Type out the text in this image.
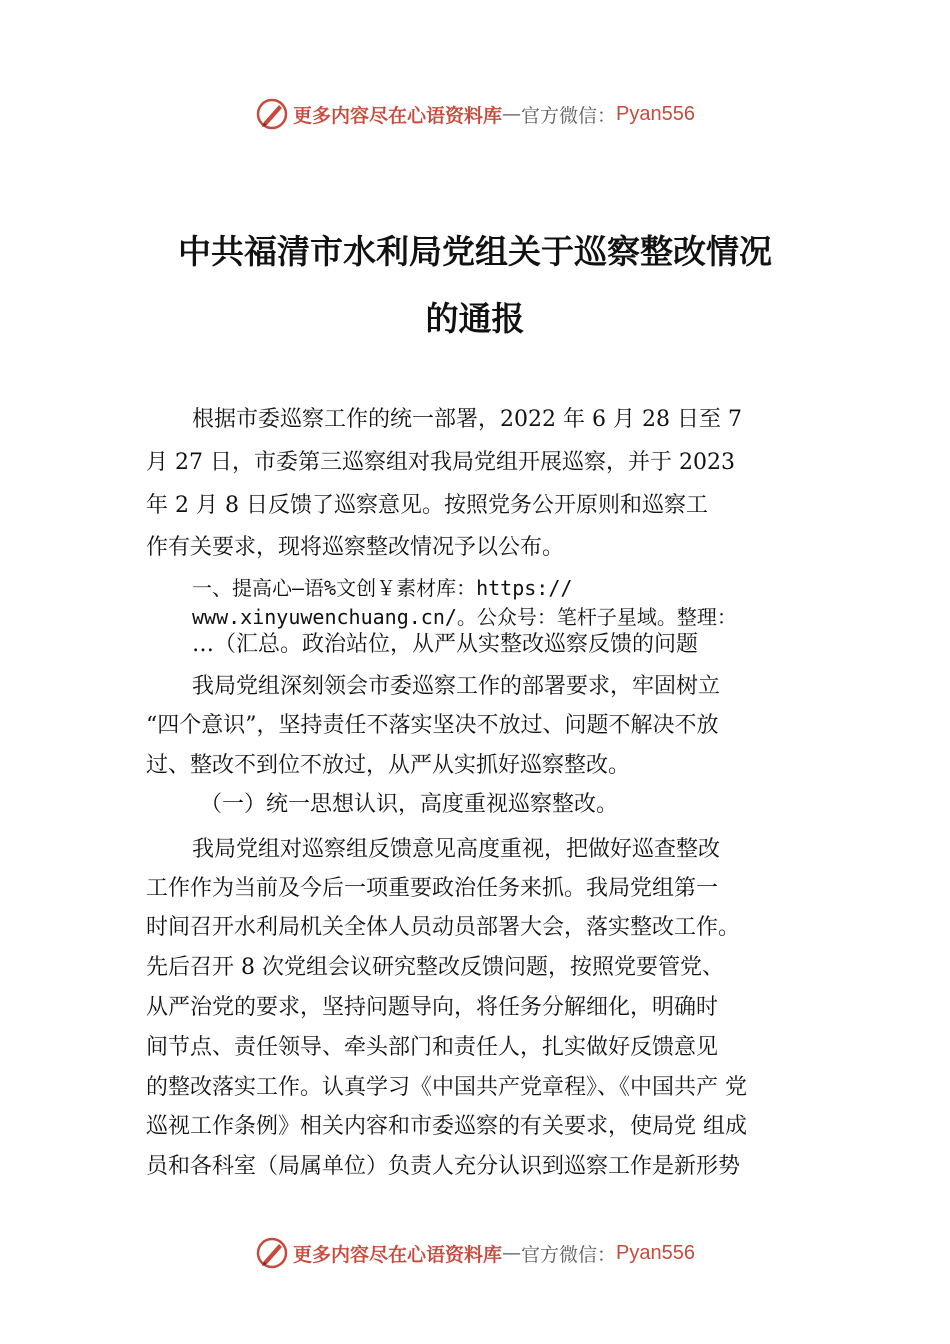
更多内容尽在心语资料库 — 官方微信： Pyan556
中共福清市水利局党组关于巡察整改情况
的通报
根据市委巡察工作的统一部署，2022 年 6 月 28 日至 7
月 27 日，市委第三巡察组对我局党组开展巡察，并于 2023
年 2 月 8 日反馈了巡察意见。按照党务公开原则和巡察工
作有关要求，现将巡察整改情况予以公布。
一、提高心—语%文创￥素材库：https://
www.xinyuwenchuang.cn/。公众号：笔杆子星域。整理：
…（汇总。政治站位，从严从实整改巡察反馈的问题
我局党组深刻领会市委巡察工作的部署要求，牢固树立
“四个意识”，坚持责任不落实坚决不放过、问题不解决不放
过、整改不到位不放过，从严从实抓好巡察整改。
（一）统一思想认识，高度重视巡察整改。
我局党组对巡察组反馈意见高度重视，把做好巡查整改
工作作为当前及今后一项重要政治任务来抓。我局党组第一
时间召开水利局机关全体人员动员部署大会，落实整改工作。
先后召开 8 次党组会议研究整改反馈问题，按照党要管党、
从严治党的要求，坚持问题导向，将任务分解细化，明确时
间节点、责任领导、牵头部门和责任人，扎实做好反馈意见
的整改落实工作。认真学习《中国共产党章程》、《中国共产 党
巡视工作条例》相关内容和市委巡察的有关要求，使局党 组成
员和各科室（局属单位）负责人充分认识到巡察工作是新形势
更多内容尽在心语资料库 — 官方微信： Pyan556
